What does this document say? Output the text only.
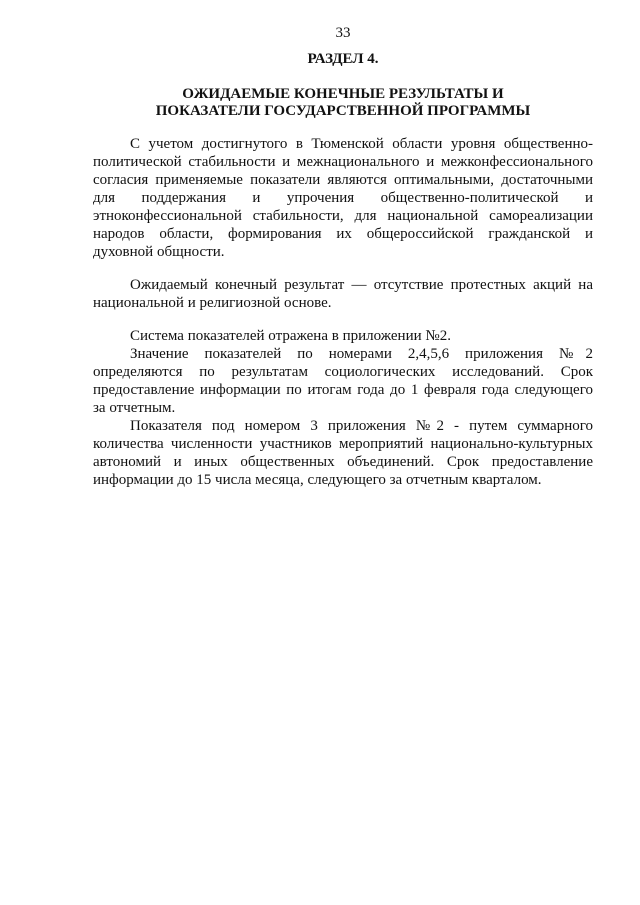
33
РАЗДЕЛ 4.
ОЖИДАЕМЫЕ КОНЕЧНЫЕ РЕЗУЛЬТАТЫ И
ПОКАЗАТЕЛИ ГОСУДАРСТВЕННОЙ ПРОГРАММЫ
С учетом достигнутого в Тюменской области уровня общественно-
политической стабильности и межнационального и межконфессионального
согласия применяемые показатели являются оптимальными, достаточными
для поддержания и упрочения общественно-политической и
этноконфессиональной стабильности, для национальной самореализации
народов области, формирования их общероссийской гражданской и
духовной общности.
Ожидаемый конечный результат — отсутствие протестных акций на
национальной и религиозной основе.
Система показателей отражена в приложении №2.
Значение показателей по номерами 2,4,5,6 приложения №2
определяются по результатам социологических исследований. Срок
предоставление информации по итогам года до 1 февраля года следующего
за отчетным.
Показателя под номером 3 приложения №2 - путем суммарного
количества численности участников мероприятий национально-культурных
автономий и иных общественных объединений. Срок предоставление
информации до 15 числа месяца, следующего за отчетным кварталом.
